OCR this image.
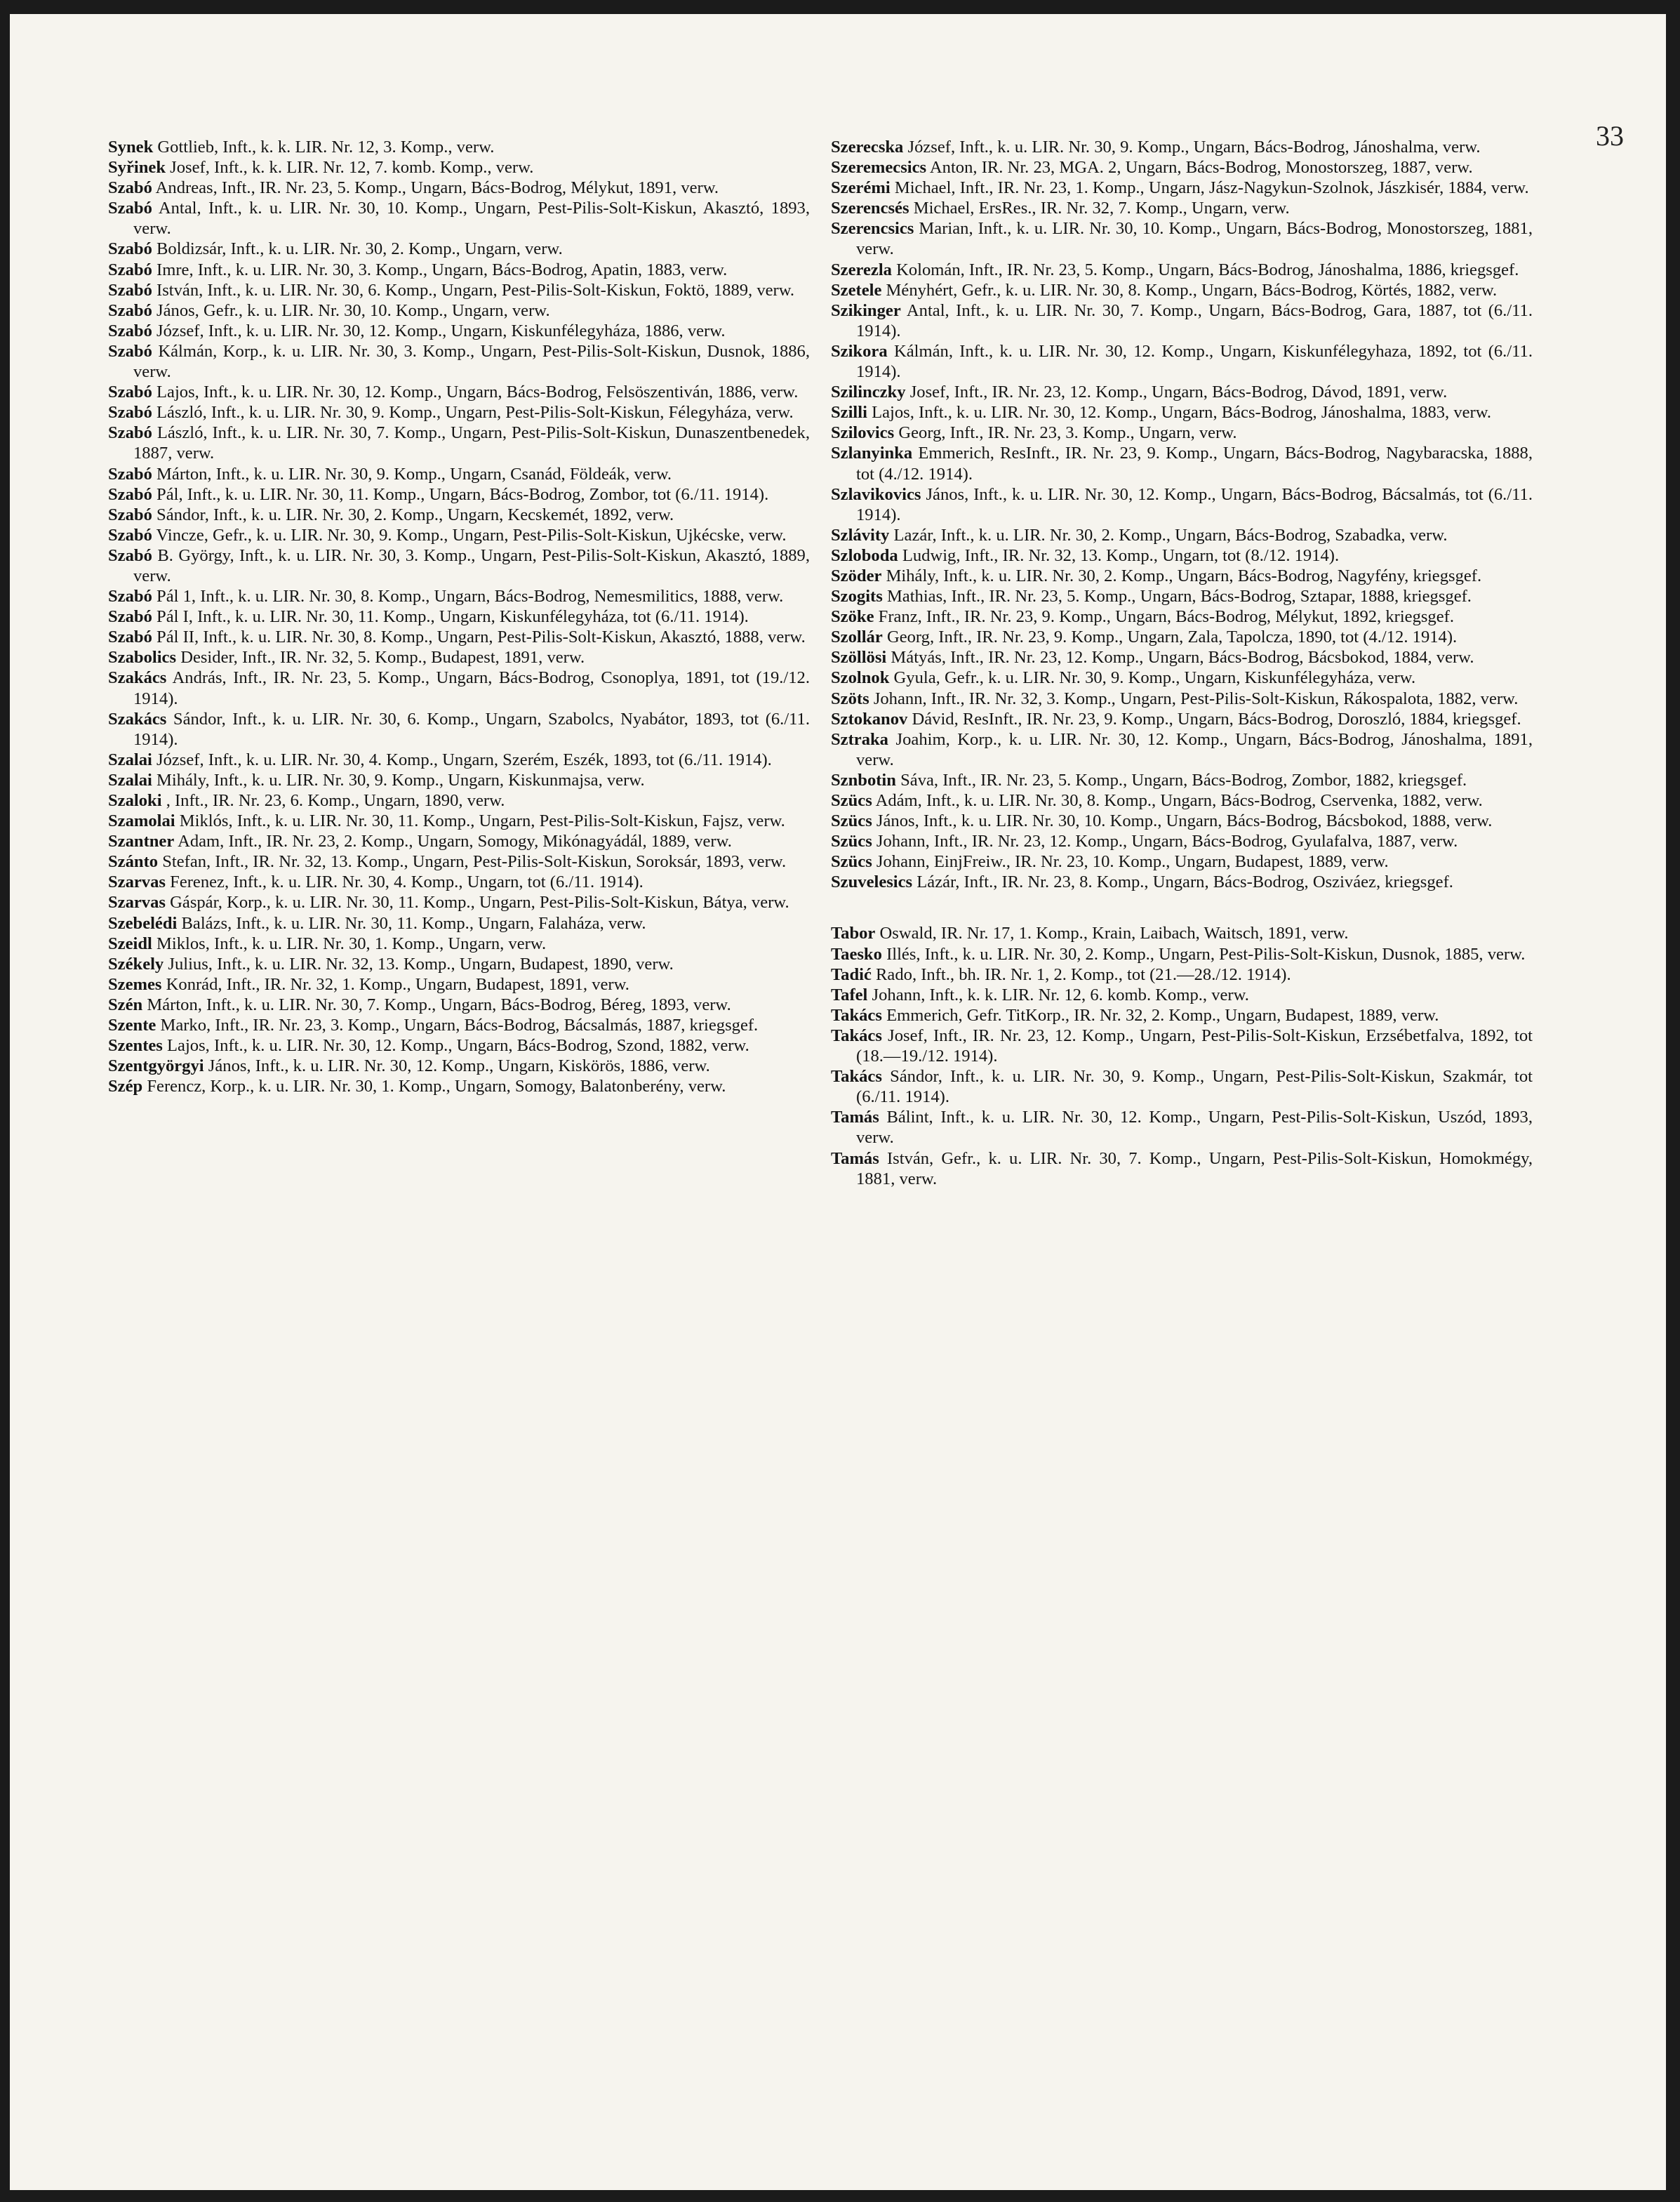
33

Synek Gottlieb, Inft., k. k. LIR. Nr. 12, 3. Komp., verw.

Syřinek Josef, Inft., k. k. LIR. Nr. 12, 7. komb. Komp., verw.

Szabó Andreas, Inft., IR. Nr. 23, 5. Komp., Ungarn, Bács-Bodrog, Mélykut, 1891, verw.

Szabó Antal, Inft., k. u. LIR. Nr. 30, 10. Komp., Ungarn, Pest-Pilis-Solt-Kiskun, Akasztó, 1893, verw.

Szabó Boldizsár, Inft., k. u. LIR. Nr. 30, 2. Komp., Ungarn, verw.

Szabó Imre, Inft., k. u. LIR. Nr. 30, 3. Komp., Ungarn, Bács-Bodrog, Apatin, 1883, verw.

Szabó István, Inft., k. u. LIR. Nr. 30, 6. Komp., Ungarn, Pest-Pilis-Solt-Kiskun, Foktö, 1889, verw.

Szabó János, Gefr., k. u. LIR. Nr. 30, 10. Komp., Ungarn, verw.

Szabó József, Inft., k. u. LIR. Nr. 30, 12. Komp., Ungarn, Kiskunfélegyháza, 1886, verw.

Szabó Kálmán, Korp., k. u. LIR. Nr. 30, 3. Komp., Ungarn, Pest-Pilis-Solt-Kiskun, Dusnok, 1886, verw.

Szabó Lajos, Inft., k. u. LIR. Nr. 30, 12. Komp., Ungarn, Bács-Bodrog, Felsöszentiván, 1886, verw.

Szabó László, Inft., k. u. LIR. Nr. 30, 9. Komp., Ungarn, Pest-Pilis-Solt-Kiskun, Félegyháza, verw.

Szabó László, Inft., k. u. LIR. Nr. 30, 7. Komp., Ungarn, Pest-Pilis-Solt-Kiskun, Dunaszentbenedek, 1887, verw.

Szabó Márton, Inft., k. u. LIR. Nr. 30, 9. Komp., Ungarn, Csanád, Földeák, verw.

Szabó Pál, Inft., k. u. LIR. Nr. 30, 11. Komp., Ungarn, Bács-Bodrog, Zombor, tot (6./11. 1914).

Szabó Sándor, Inft., k. u. LIR. Nr. 30, 2. Komp., Ungarn, Kecskemét, 1892, verw.

Szabó Vincze, Gefr., k. u. LIR. Nr. 30, 9. Komp., Ungarn, Pest-Pilis-Solt-Kiskun, Ujkécske, verw.

Szabó B. György, Inft., k. u. LIR. Nr. 30, 3. Komp., Ungarn, Pest-Pilis-Solt-Kiskun, Akasztó, 1889, verw.

Szabó Pál 1, Inft., k. u. LIR. Nr. 30, 8. Komp., Ungarn, Bács-Bodrog, Nemesmilitics, 1888, verw.

Szabó Pál I, Inft., k. u. LIR. Nr. 30, 11. Komp., Ungarn, Kiskunfélegyháza, tot (6./11. 1914).

Szabó Pál II, Inft., k. u. LIR. Nr. 30, 8. Komp., Ungarn, Pest-Pilis-Solt-Kiskun, Akasztó, 1888, verw.

Szabolics Desider, Inft., IR. Nr. 32, 5. Komp., Budapest, 1891, verw.

Szakács András, Inft., IR. Nr. 23, 5. Komp., Ungarn, Bács-Bodrog, Csonoplya, 1891, tot (19./12. 1914).

Szakács Sándor, Inft., k. u. LIR. Nr. 30, 6. Komp., Ungarn, Szabolcs, Nyabátor, 1893, tot (6./11. 1914).

Szalai József, Inft., k. u. LIR. Nr. 30, 4. Komp., Ungarn, Szerém, Eszék, 1893, tot (6./11. 1914).

Szalai Mihály, Inft., k. u. LIR. Nr. 30, 9. Komp., Ungarn, Kiskunmajsa, verw.

Szaloki , Inft., IR. Nr. 23, 6. Komp., Ungarn, 1890, verw.

Szamolai Miklós, Inft., k. u. LIR. Nr. 30, 11. Komp., Ungarn, Pest-Pilis-Solt-Kiskun, Fajsz, verw.

Szantner Adam, Inft., IR. Nr. 23, 2. Komp., Ungarn, Somogy, Mikónagyádál, 1889, verw.

Szánto Stefan, Inft., IR. Nr. 32, 13. Komp., Ungarn, Pest-Pilis-Solt-Kiskun, Soroksár, 1893, verw.

Szarvas Ferenez, Inft., k. u. LIR. Nr. 30, 4. Komp., Ungarn, tot (6./11. 1914).

Szarvas Gáspár, Korp., k. u. LIR. Nr. 30, 11. Komp., Ungarn, Pest-Pilis-Solt-Kiskun, Bátya, verw.

Szebelédi Balázs, Inft., k. u. LIR. Nr. 30, 11. Komp., Ungarn, Falaháza, verw.

Szeidl Miklos, Inft., k. u. LIR. Nr. 30, 1. Komp., Ungarn, verw.

Székely Julius, Inft., k. u. LIR. Nr. 32, 13. Komp., Ungarn, Budapest, 1890, verw.

Szemes Konrád, Inft., IR. Nr. 32, 1. Komp., Ungarn, Budapest, 1891, verw.

Szén Márton, Inft., k. u. LIR. Nr. 30, 7. Komp., Ungarn, Bács-Bodrog, Béreg, 1893, verw.

Szente Marko, Inft., IR. Nr. 23, 3. Komp., Ungarn, Bács-Bodrog, Bácsalmás, 1887, kriegsgef.

Szentes Lajos, Inft., k. u. LIR. Nr. 30, 12. Komp., Ungarn, Bács-Bodrog, Szond, 1882, verw.

Szentgyörgyi János, Inft., k. u. LIR. Nr. 30, 12. Komp., Ungarn, Kiskörös, 1886, verw.

Szép Ferencz, Korp., k. u. LIR. Nr. 30, 1. Komp., Ungarn, Somogy, Balatonberény, verw.

Szerecska József, Inft., k. u. LIR. Nr. 30, 9. Komp., Ungarn, Bács-Bodrog, Jánoshalma, verw.

Szeremecsics Anton, IR. Nr. 23, MGA. 2, Ungarn, Bács-Bodrog, Monostorszeg, 1887, verw.

Szerémi Michael, Inft., IR. Nr. 23, 1. Komp., Ungarn, Jász-Nagykun-Szolnok, Jászkisér, 1884, verw.

Szerencsés Michael, ErsRes., IR. Nr. 32, 7. Komp., Ungarn, verw.

Szerencsics Marian, Inft., k. u. LIR. Nr. 30, 10. Komp., Ungarn, Bács-Bodrog, Monostorszeg, 1881, verw.

Szerezla Kolomán, Inft., IR. Nr. 23, 5. Komp., Ungarn, Bács-Bodrog, Jánoshalma, 1886, kriegsgef.

Szetele Ményhért, Gefr., k. u. LIR. Nr. 30, 8. Komp., Ungarn, Bács-Bodrog, Körtés, 1882, verw.

Szikinger Antal, Inft., k. u. LIR. Nr. 30, 7. Komp., Ungarn, Bács-Bodrog, Gara, 1887, tot (6./11. 1914).

Szikora Kálmán, Inft., k. u. LIR. Nr. 30, 12. Komp., Ungarn, Kiskunfélegyhaza, 1892, tot (6./11. 1914).

Szilinczky Josef, Inft., IR. Nr. 23, 12. Komp., Ungarn, Bács-Bodrog, Dávod, 1891, verw.

Szilli Lajos, Inft., k. u. LIR. Nr. 30, 12. Komp., Ungarn, Bács-Bodrog, Jánoshalma, 1883, verw.

Szilovics Georg, Inft., IR. Nr. 23, 3. Komp., Ungarn, verw.

Szlanyinka Emmerich, ResInft., IR. Nr. 23, 9. Komp., Ungarn, Bács-Bodrog, Nagybaracska, 1888, tot (4./12. 1914).

Szlavikovics János, Inft., k. u. LIR. Nr. 30, 12. Komp., Ungarn, Bács-Bodrog, Bácsalmás, tot (6./11. 1914).

Szlávity Lazár, Inft., k. u. LIR. Nr. 30, 2. Komp., Ungarn, Bács-Bodrog, Szabadka, verw.

Szloboda Ludwig, Inft., IR. Nr. 32, 13. Komp., Ungarn, tot (8./12. 1914).

Szöder Mihály, Inft., k. u. LIR. Nr. 30, 2. Komp., Ungarn, Bács-Bodrog, Nagyfény, kriegsgef.

Szogits Mathias, Inft., IR. Nr. 23, 5. Komp., Ungarn, Bács-Bodrog, Sztapar, 1888, kriegsgef.

Szöke Franz, Inft., IR. Nr. 23, 9. Komp., Ungarn, Bács-Bodrog, Mélykut, 1892, kriegsgef.

Szollár Georg, Inft., IR. Nr. 23, 9. Komp., Ungarn, Zala, Tapolcza, 1890, tot (4./12. 1914).

Szöllösi Mátyás, Inft., IR. Nr. 23, 12. Komp., Ungarn, Bács-Bodrog, Bácsbokod, 1884, verw.

Szolnok Gyula, Gefr., k. u. LIR. Nr. 30, 9. Komp., Ungarn, Kiskunfélegyháza, verw.

Szöts Johann, Inft., IR. Nr. 32, 3. Komp., Ungarn, Pest-Pilis-Solt-Kiskun, Rákospalota, 1882, verw.

Sztokanov Dávid, ResInft., IR. Nr. 23, 9. Komp., Ungarn, Bács-Bodrog, Doroszló, 1884, kriegsgef.

Sztraka Joahim, Korp., k. u. LIR. Nr. 30, 12. Komp., Ungarn, Bács-Bodrog, Jánoshalma, 1891, verw.

Sznbotin Sáva, Inft., IR. Nr. 23, 5. Komp., Ungarn, Bács-Bodrog, Zombor, 1882, kriegsgef.

Szücs Adám, Inft., k. u. LIR. Nr. 30, 8. Komp., Ungarn, Bács-Bodrog, Cservenka, 1882, verw.

Szücs János, Inft., k. u. LIR. Nr. 30, 10. Komp., Ungarn, Bács-Bodrog, Bácsbokod, 1888, verw.

Szücs Johann, Inft., IR. Nr. 23, 12. Komp., Ungarn, Bács-Bodrog, Gyulafalva, 1887, verw.

Szücs Johann, EinjFreiw., IR. Nr. 23, 10. Komp., Ungarn, Budapest, 1889, verw.

Szuvelesics Lázár, Inft., IR. Nr. 23, 8. Komp., Ungarn, Bács-Bodrog, Osziváez, kriegsgef.

Tabor Oswald, IR. Nr. 17, 1. Komp., Krain, Laibach, Waitsch, 1891, verw.

Taesko Illés, Inft., k. u. LIR. Nr. 30, 2. Komp., Ungarn, Pest-Pilis-Solt-Kiskun, Dusnok, 1885, verw.

Tadić Rado, Inft., bh. IR. Nr. 1, 2. Komp., tot (21.—28./12. 1914).

Tafel Johann, Inft., k. k. LIR. Nr. 12, 6. komb. Komp., verw.

Takács Emmerich, Gefr. TitKorp., IR. Nr. 32, 2. Komp., Ungarn, Budapest, 1889, verw.

Takács Josef, Inft., IR. Nr. 23, 12. Komp., Ungarn, Pest-Pilis-Solt-Kiskun, Erzsébetfalva, 1892, tot (18.—19./12. 1914).

Takács Sándor, Inft., k. u. LIR. Nr. 30, 9. Komp., Ungarn, Pest-Pilis-Solt-Kiskun, Szakmár, tot (6./11. 1914).

Tamás Bálint, Inft., k. u. LIR. Nr. 30, 12. Komp., Ungarn, Pest-Pilis-Solt-Kiskun, Uszód, 1893, verw.

Tamás István, Gefr., k. u. LIR. Nr. 30, 7. Komp., Ungarn, Pest-Pilis-Solt-Kiskun, Homokmégy, 1881, verw.
